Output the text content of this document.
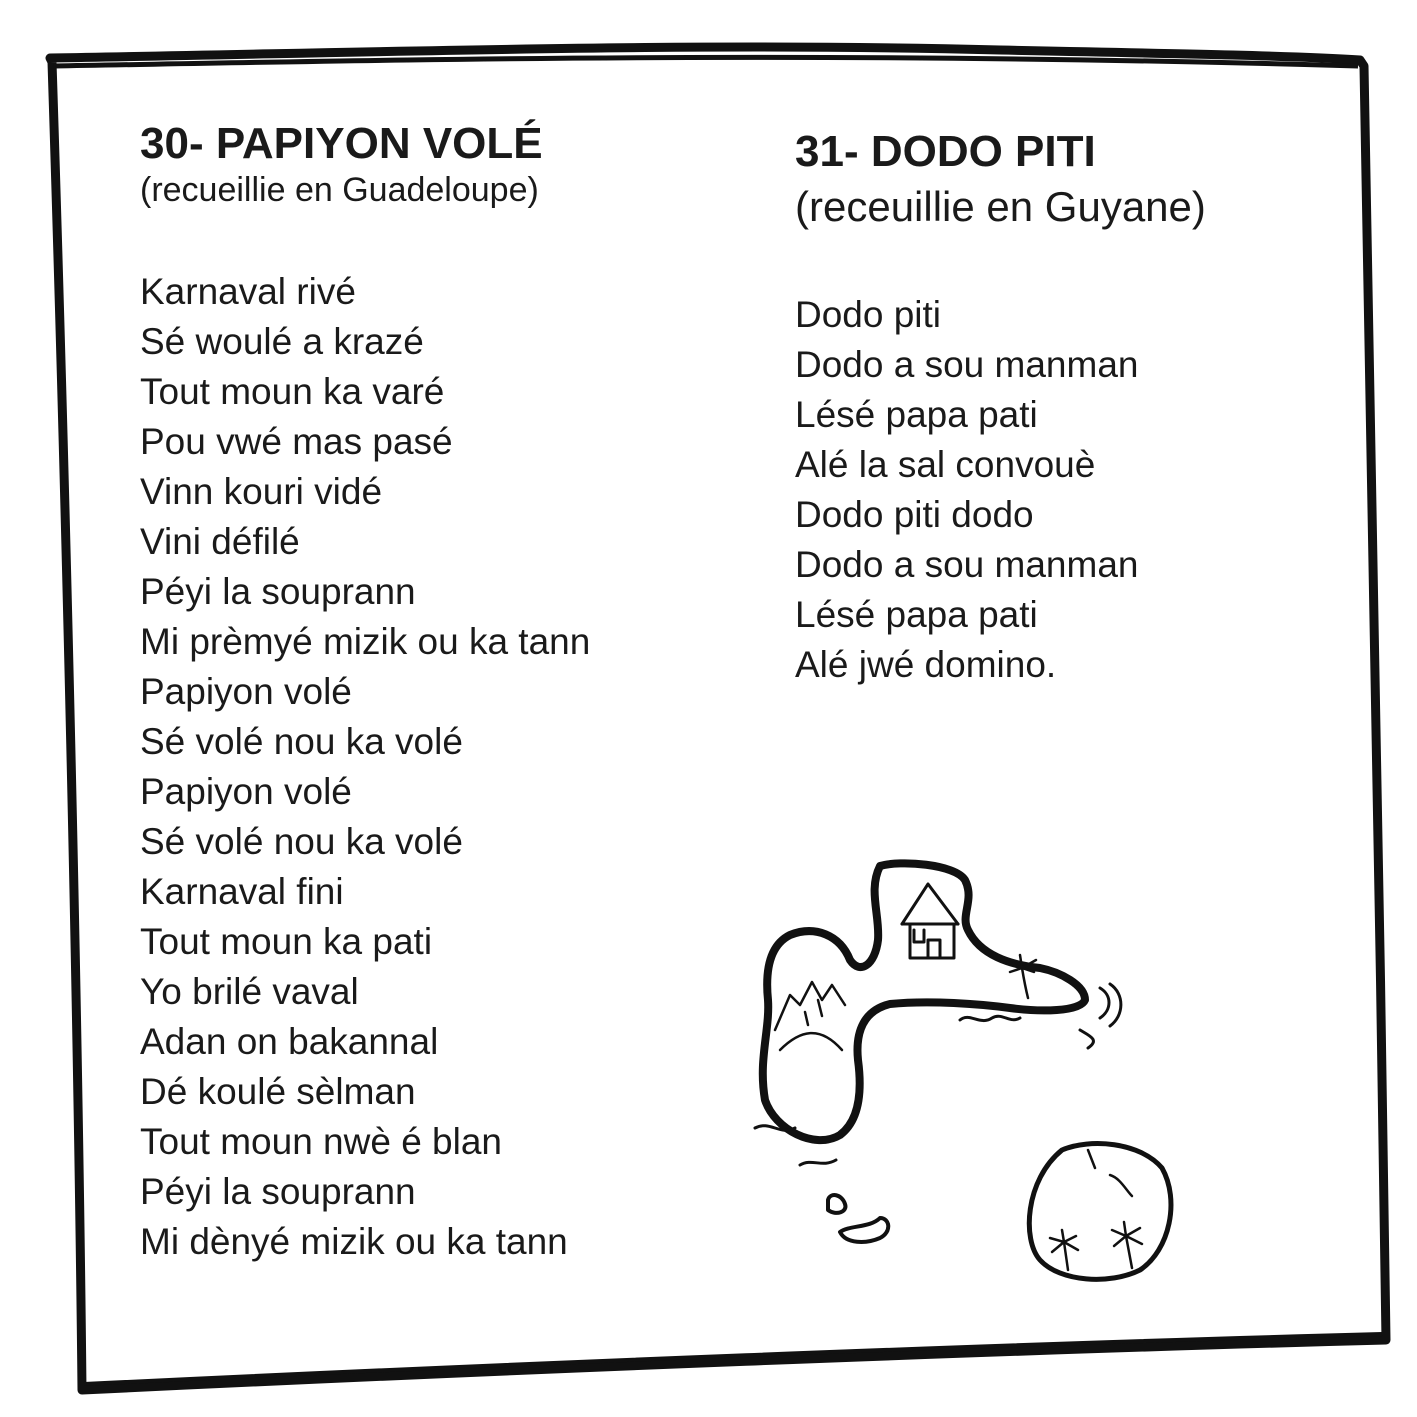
30- PAPIYON VOLÉ

(recueillie en Guadeloupe)

Karnaval rivé
Sé woulé a krazé
Tout moun ka varé
Pou vwé mas pasé
Vinn kouri vidé
Vini défilé
Péyi la souprann
Mi prèmyé mizik ou ka tann
Papiyon volé
Sé volé nou ka volé
Papiyon volé
Sé volé nou ka volé
Karnaval fini
Tout moun ka pati
Yo brilé vaval
Adan on bakannal
Dé koulé sèlman
Tout moun nwè é blan
Péyi la souprann
Mi dènyé mizik ou ka tann
31- DODO PITI

(receuillie en Guyane)

Dodo piti
Dodo a sou manman
Lésé papa pati
Alé la sal convouè
Dodo piti dodo
Dodo a sou manman
Lésé papa pati
Alé jwé domino.
